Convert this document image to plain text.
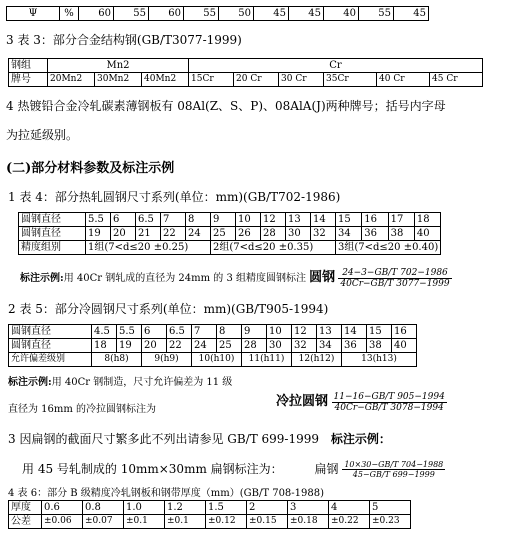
Ψ	%	60	55	60	55	50	45	45	40	55	45
3 表 3：部分合金结构钢(GB/T3077-1999)
钢组	Mn2			Cr					
牌号	20Mn2	30Mn2	40Mn2	15Cr	20 Cr	30 Cr	35Cr	40 Cr	45 Cr
4 热镀铅合金冷轧碳素薄钢板有 08Al(Z、S、P)、08AlA(J)两种牌号；括号内字母
为拉延级别。
(二)部分材料参数及标注示例
1 表 4：部分热轧圆钢尺寸系列(单位：mm)(GB/T702-1986)
圆钢直径	5.5	6	6.5	7	8	9	10	12	13	14	15	16	17	18
圆钢直径	19	20	21	22	24	25	26	28	30	32	34	36	38	40
精度组别	1组(7<d≤20 ±0.25)					2组(7<d≤20 ±0.35)					3组(7<d≤20 ±0.40)			
标注示例:用 40Cr 钢轧成的直径为 24mm 的 3 组精度圆钢标注 圆钢 $\frac{24-3-GB/T 702-1986}{40Cr-GB/T 3077-1999}$
2 表 5：部分冷圆钢尺寸系列(单位：mm)(GB/T905-1994)
圆钢直径	4.5	5.5	6	6.5	7	8	9	10	12	13	14	15	16
圆钢直径	18	19	20	22	24	25	28	30	32	34	36	38	40
允许偏差级别	8(h8)		9(h9)		10(h10)		11(h11)		12(h12)		13(h13)		
标注示例:用 40Cr 钢制造，尺寸允许偏差为 11 级
直径为 16mm 的冷拉圆钢标注为
冷拉圆钢 $\frac{11-16-GB/T 905-1994}{40Cr-GB/T 3078-1994}$
3 因扁钢的截面尺寸繁多此不列出请参见 GB/T 699-1999 标注示例：
用 45 号轧制成的 10mm×30mm 扁钢标注为：	扁钢 $\frac{10\times 30-GB/T 704-1988}{45-GB/T 699-1999}$
4 表 6：部分 B 级精度冷轧钢板和钢带厚度（mm）(GB/T 708-1988)
厚度	0.6	0.8	1.0	1.2	1.5	2	3	4	5
公差	±0.06	±0.07	±0.1	±0.1	±0.12	±0.15	±0.18	±0.22	±0.23
